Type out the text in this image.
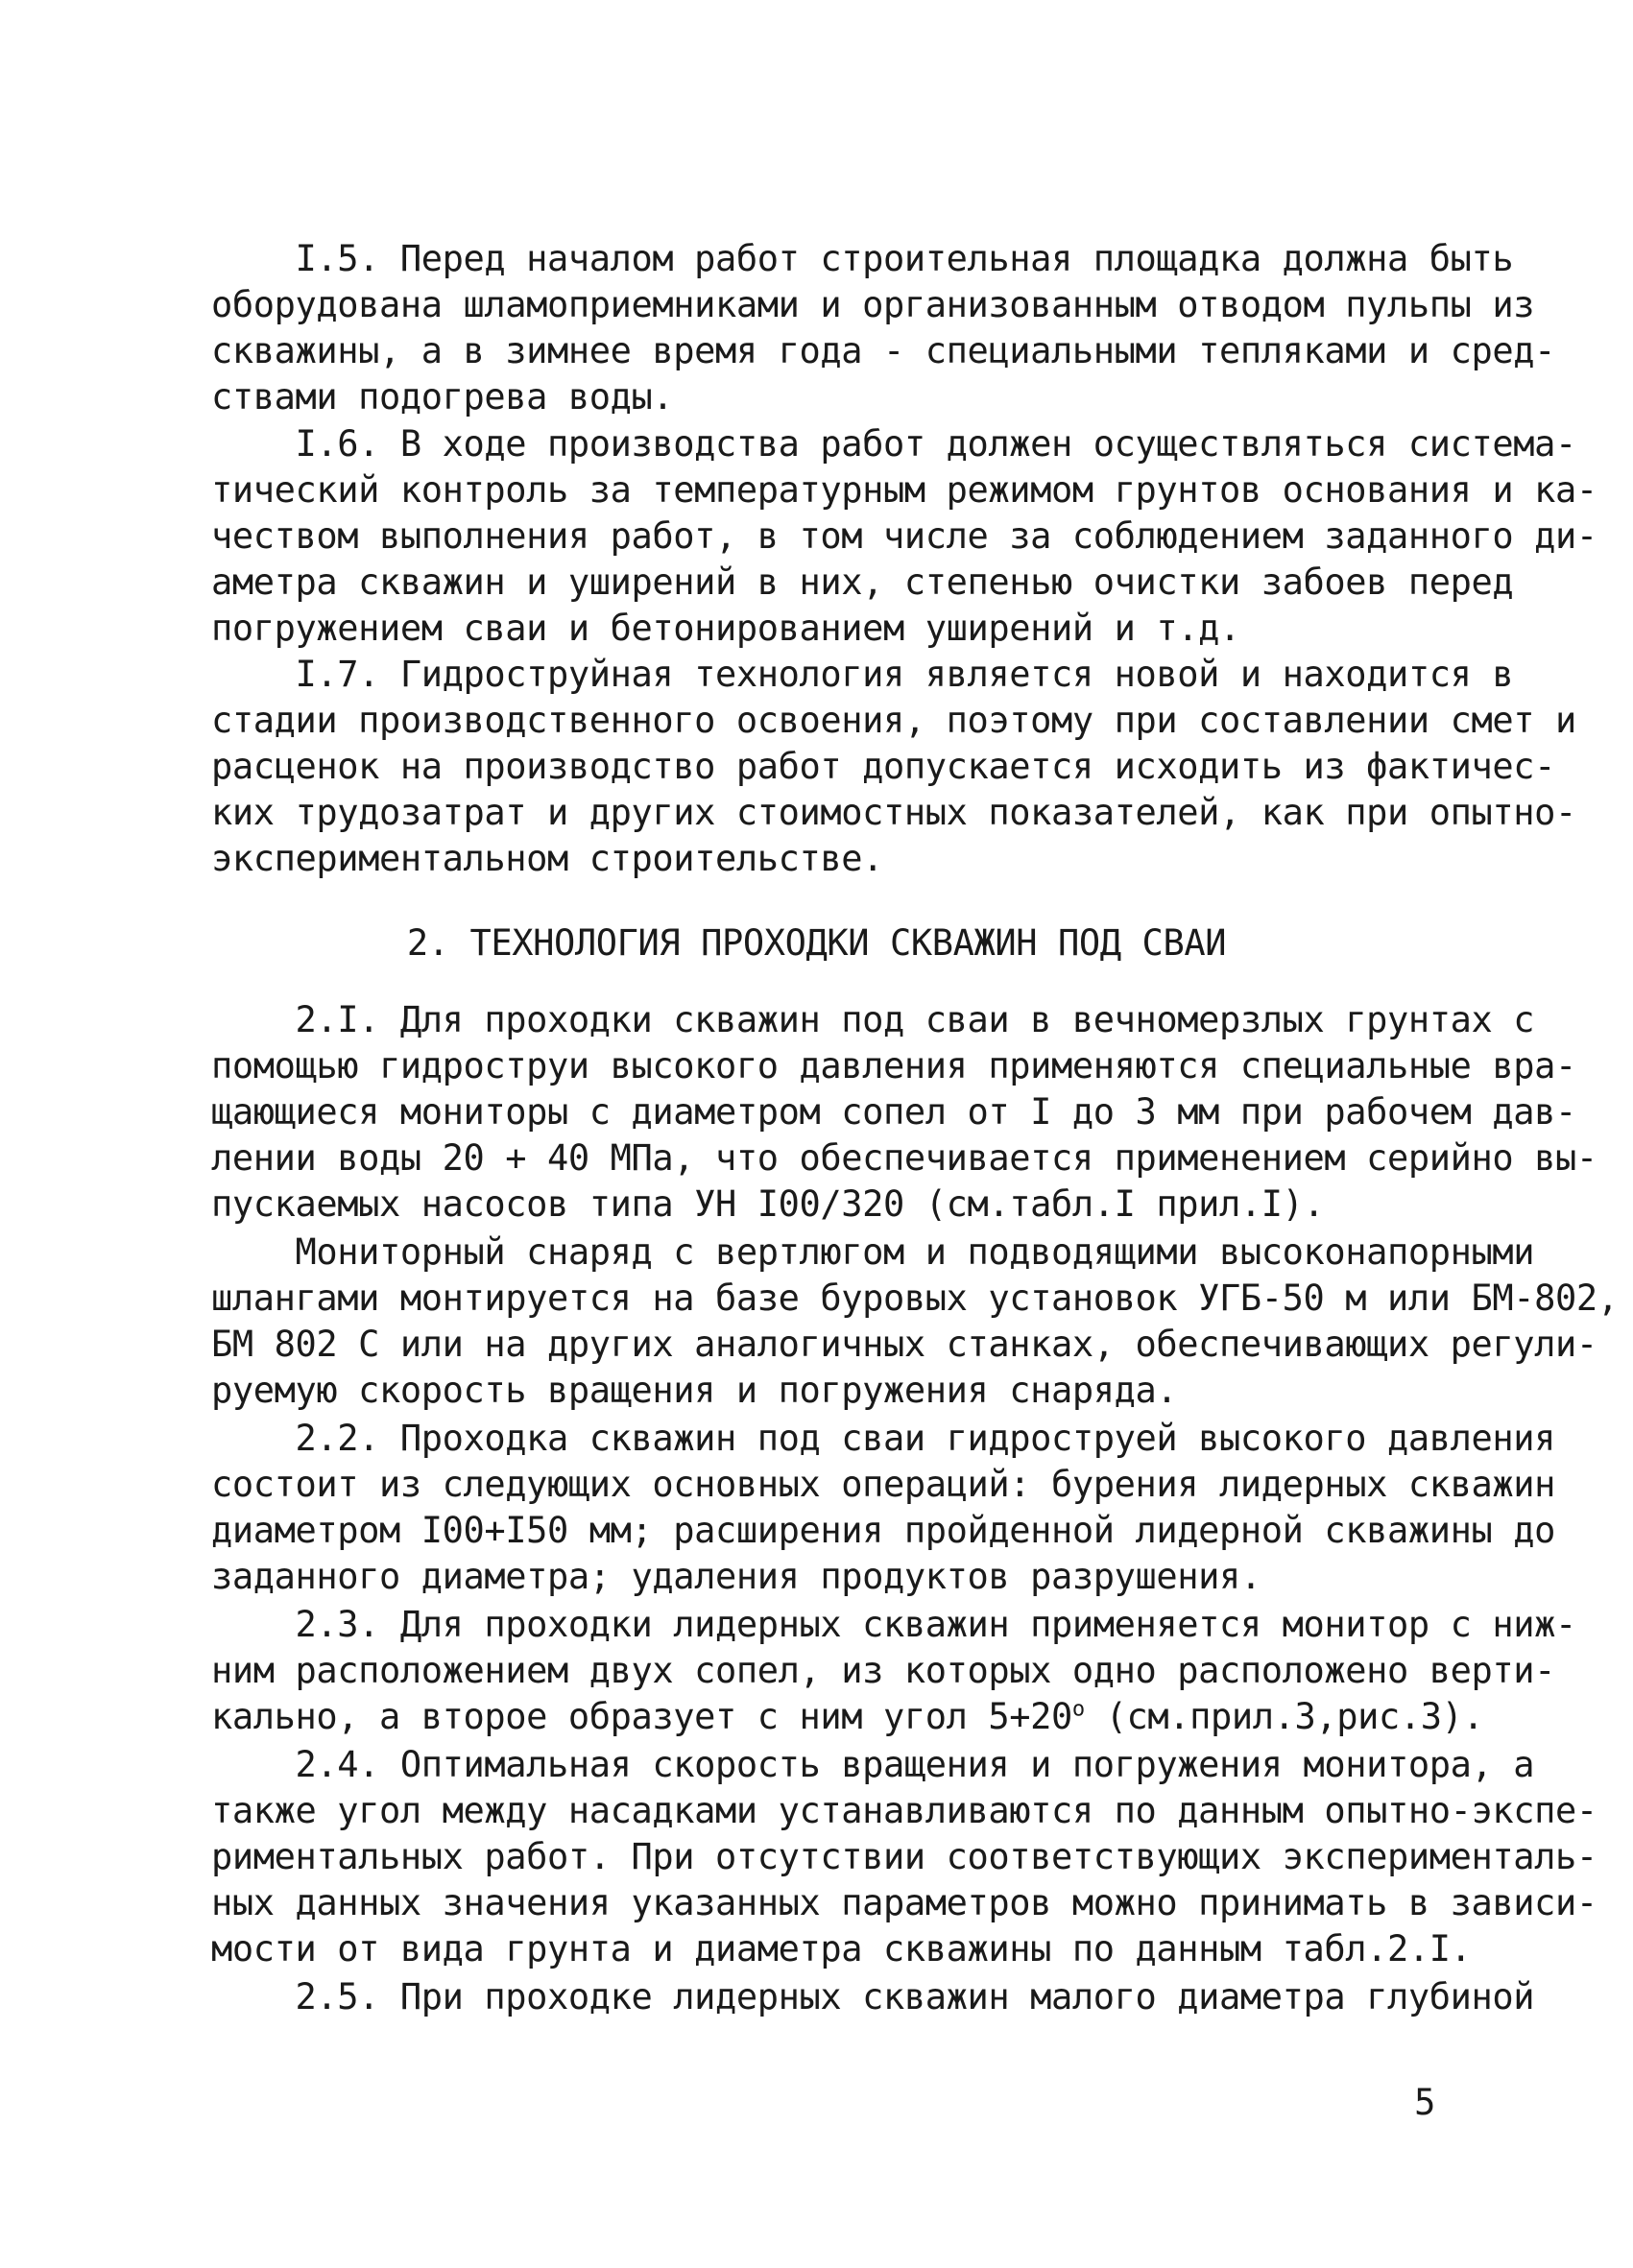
I.5. Перед началом работ строительная площадка должна быть
оборудована шламоприемниками и организованным отводом пульпы из
скважины, а в зимнее время года - специальными тепляками и сред-
ствами подогрева воды.
I.6. В ходе производства работ должен осуществляться система-
тический контроль за температурным режимом грунтов основания и ка-
чеством выполнения работ, в том числе за соблюдением заданного ди-
аметра скважин и уширений в них, степенью очистки забоев перед
погружением сваи и бетонированием уширений и т.д.
I.7. Гидроструйная технология является новой и находится в
стадии производственного освоения, поэтому при составлении смет и
расценок на производство работ допускается исходить из фактичес-
ких трудозатрат и других стоимостных показателей, как при опытно-
экспериментальном строительстве.
2. ТЕХНОЛОГИЯ ПРОХОДКИ СКВАЖИН ПОД СВАИ
2.I. Для проходки скважин под сваи в вечномерзлых грунтах с
помощью гидроструи высокого давления применяются специальные вра-
щающиеся мониторы с диаметром сопел от I до 3 мм при рабочем дав-
лении воды 20 + 40 МПа, что обеспечивается применением серийно вы-
пускаемых насосов типа УН I00/320 (см.табл.I прил.I).
Мониторный снаряд с вертлюгом и подводящими высоконапорными
шлангами монтируется на базе буровых установок УГБ-50 м или БМ-802,
БМ 802 С или на других аналогичных станках, обеспечивающих регули-
руемую скорость вращения и погружения снаряда.
2.2. Проходка скважин под сваи гидроструей высокого давления
состоит из следующих основных операций: бурения лидерных скважин
диаметром I00+I50 мм; расширения пройденной лидерной скважины до
заданного диаметра; удаления продуктов разрушения.
2.3. Для проходки лидерных скважин применяется монитор с ниж-
ним расположением двух сопел, из которых одно расположено верти-
кально, а второе образует с ним угол $5+20^о$ (см.прил.3,рис.3).
2.4. Оптимальная скорость вращения и погружения монитора, а
также угол между насадками устанавливаются по данным опытно-экспе-
риментальных работ. При отсутствии соответствующих эксперименталь-
ных данных значения указанных параметров можно принимать в зависи-
мости от вида грунта и диаметра скважины по данным табл.2.I.
2.5. При проходке лидерных скважин малого диаметра глубиной
5
